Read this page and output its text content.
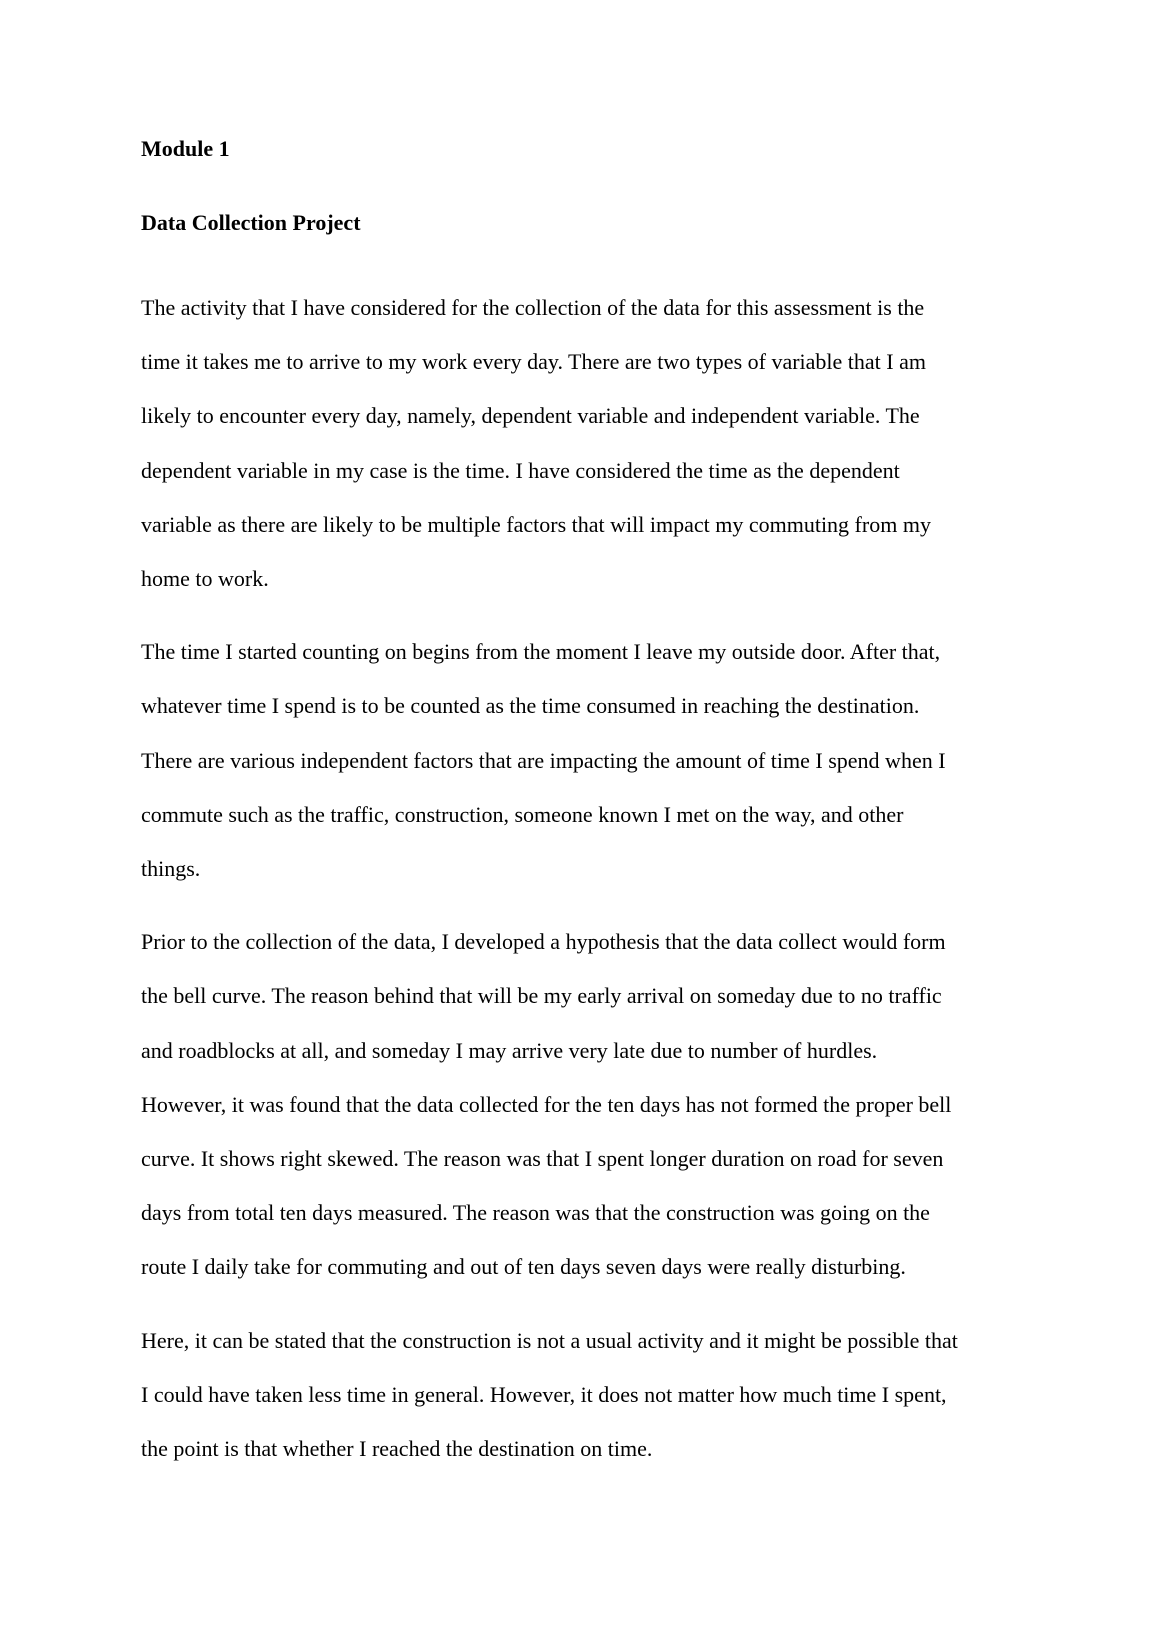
Module 1
Data Collection Project

The activity that I have considered for the collection of the data for this assessment is the
time it takes me to arrive to my work every day. There are two types of variable that I am
likely to encounter every day, namely, dependent variable and independent variable. The
dependent variable in my case is the time. I have considered the time as the dependent
variable as there are likely to be multiple factors that will impact my commuting from my
home to work.

The time I started counting on begins from the moment I leave my outside door. After that,
whatever time I spend is to be counted as the time consumed in reaching the destination.
There are various independent factors that are impacting the amount of time I spend when I
commute such as the traffic, construction, someone known I met on the way, and other
things.

Prior to the collection of the data, I developed a hypothesis that the data collect would form
the bell curve. The reason behind that will be my early arrival on someday due to no traffic
and roadblocks at all, and someday I may arrive very late due to number of hurdles.
However, it was found that the data collected for the ten days has not formed the proper bell
curve. It shows right skewed. The reason was that I spent longer duration on road for seven
days from total ten days measured. The reason was that the construction was going on the
route I daily take for commuting and out of ten days seven days were really disturbing.

Here, it can be stated that the construction is not a usual activity and it might be possible that
I could have taken less time in general. However, it does not matter how much time I spent,
the point is that whether I reached the destination on time.
